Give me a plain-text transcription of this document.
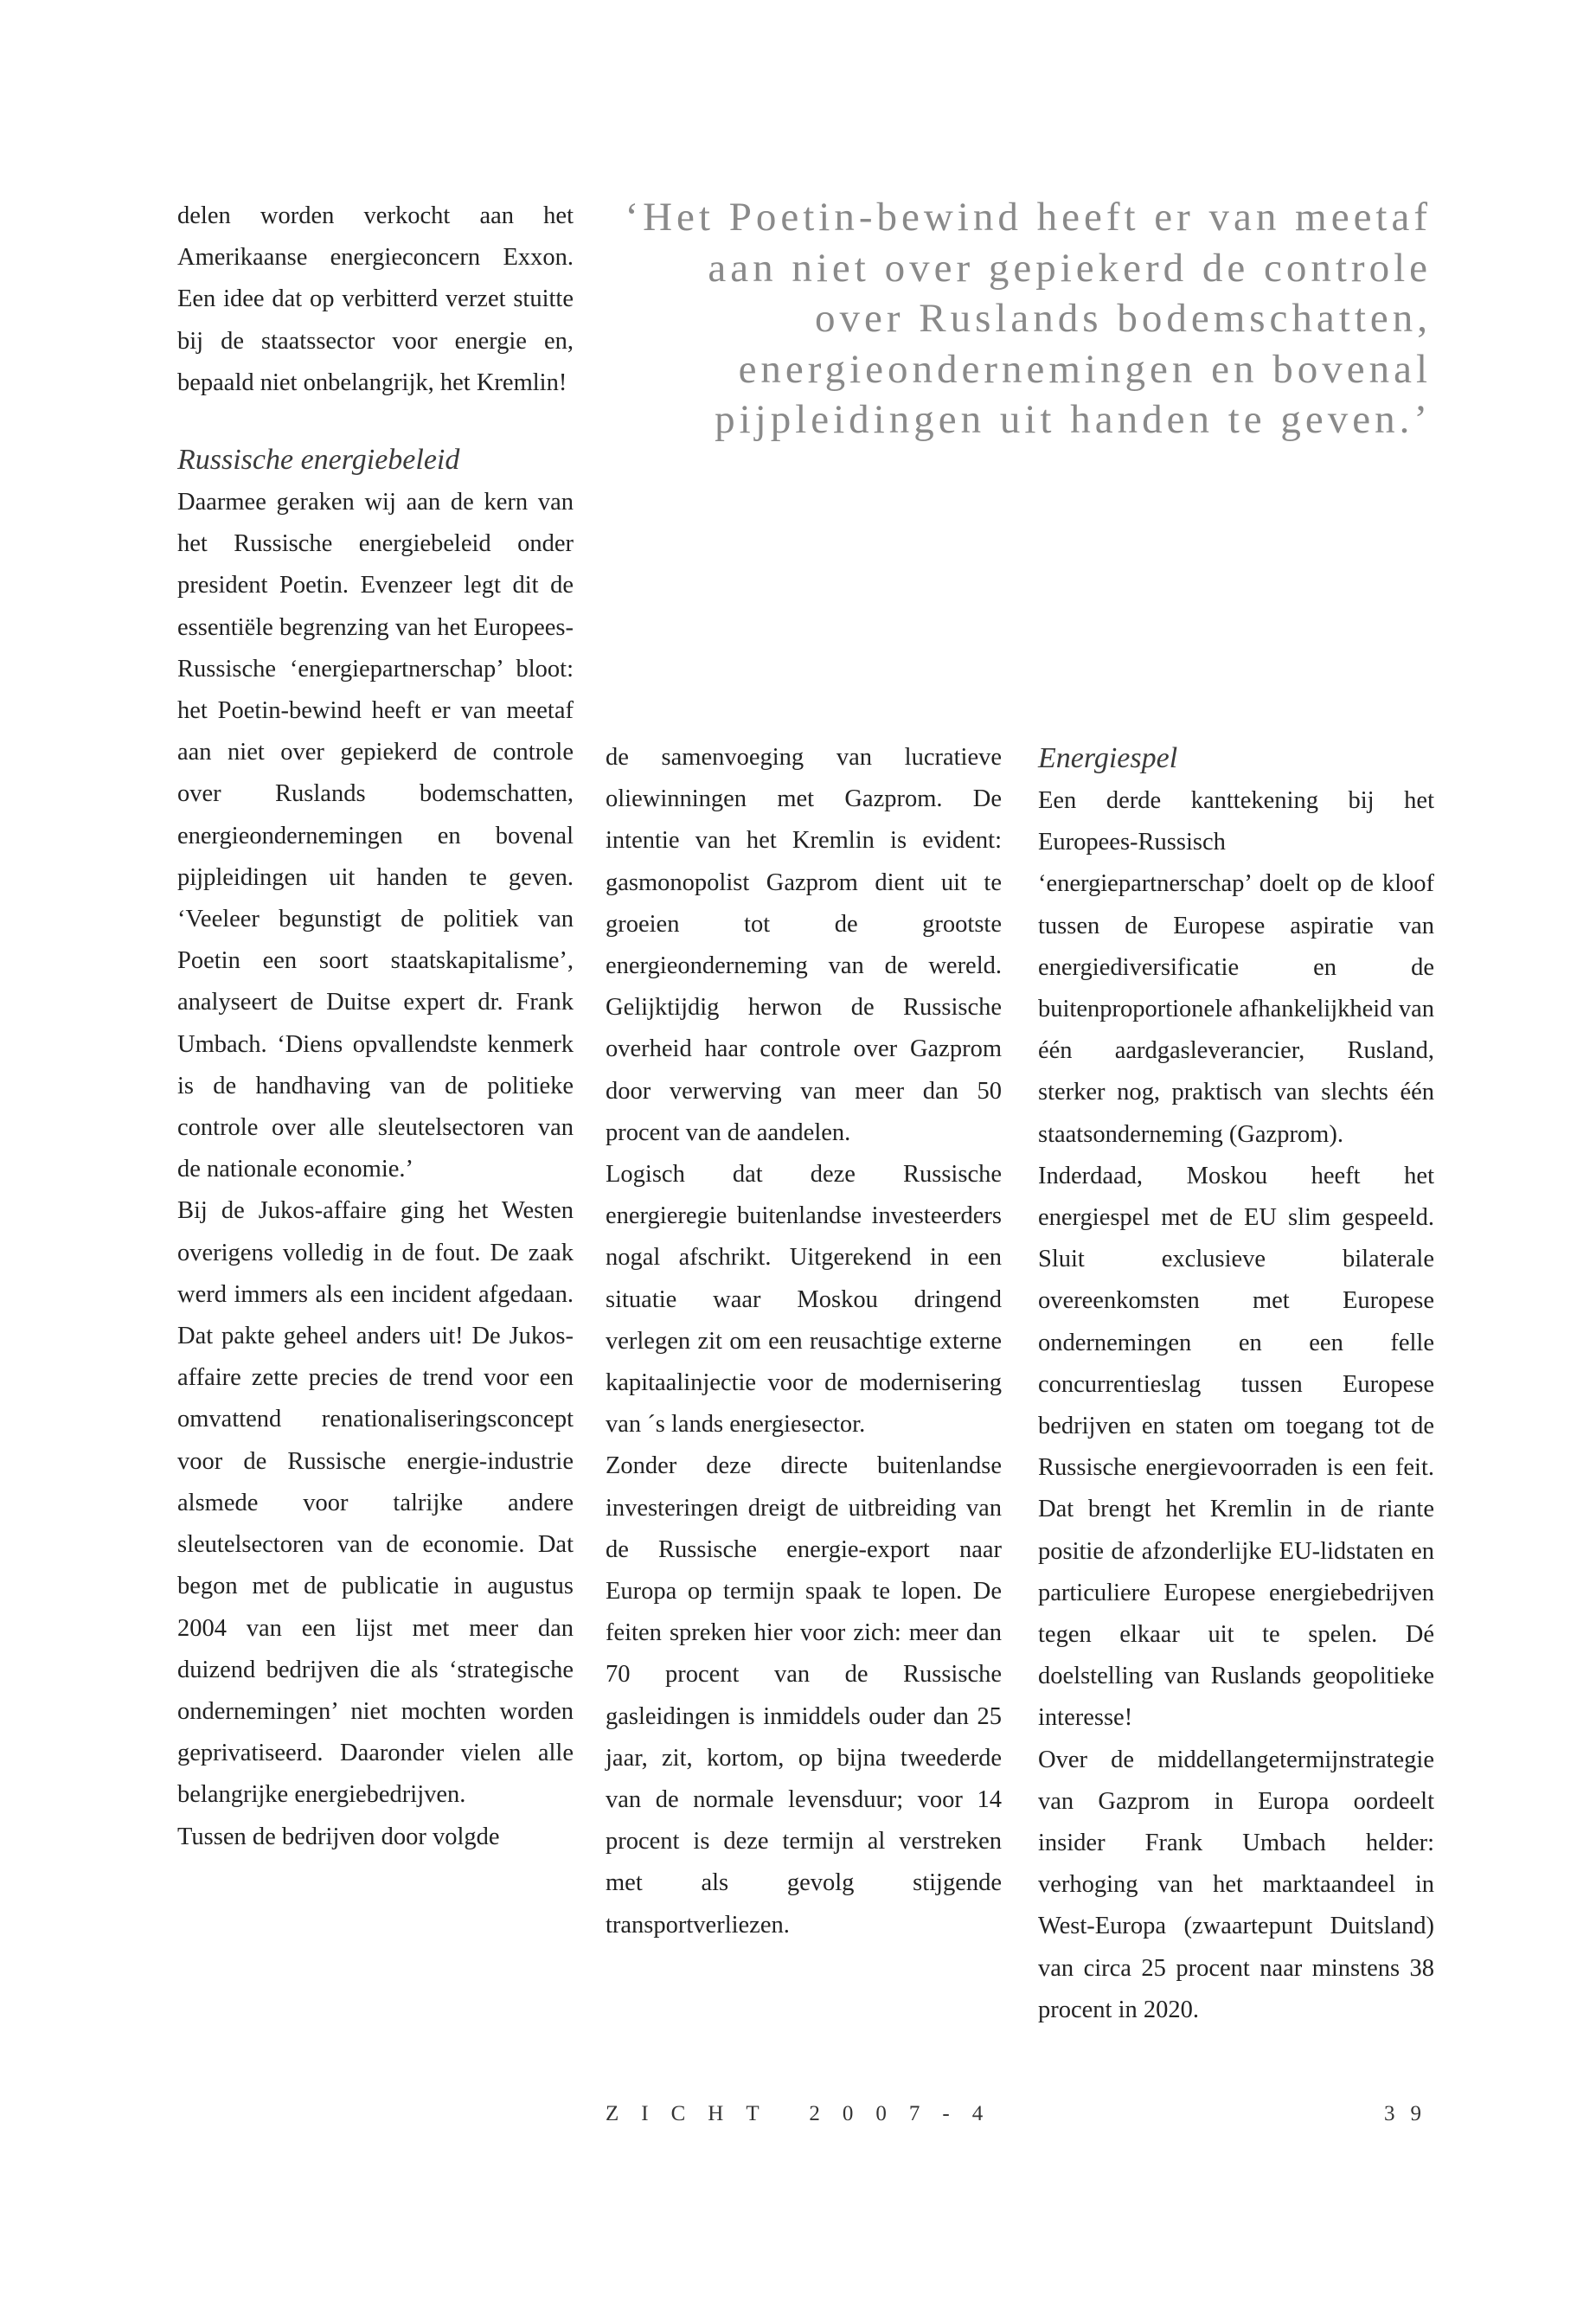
delen worden verkocht aan het Amerikaanse energieconcern Exxon. Een idee dat op verbitterd verzet stuitte bij de staatssector voor energie en, bepaald niet onbelangrijk, het Kremlin!

Russische energiebeleid

Daarmee geraken wij aan de kern van het Russische energiebeleid onder president Poetin. Evenzeer legt dit de essentiële begrenzing van het Europees-Russische ‘energiepartnerschap’ bloot: het Poetin-bewind heeft er van meetaf aan niet over gepiekerd de controle over Ruslands bodemschatten, energieondernemingen en bovenal pijpleidingen uit handen te geven. ‘Veeleer begunstigt de politiek van Poetin een soort staatskapitalisme’, analyseert de Duitse expert dr. Frank Umbach. ‘Diens opvallendste kenmerk is de handhaving van de politieke controle over alle sleutelsectoren van de nationale economie.’

Bij de Jukos-affaire ging het Westen overigens volledig in de fout. De zaak werd immers als een incident afgedaan. Dat pakte geheel anders uit! De Jukos-affaire zette precies de trend voor een omvattend renationaliseringsconcept voor de Russische energie-industrie alsmede voor talrijke andere sleutelsectoren van de economie. Dat begon met de publicatie in augustus 2004 van een lijst met meer dan duizend bedrijven die als ‘strategische ondernemingen’ niet mochten worden geprivatiseerd. Daaronder vielen alle belangrijke energiebedrijven.

Tussen de bedrijven door volgde

‘Het Poetin-bewind heeft er van meetaf aan niet over gepiekerd de controle over Ruslands bodemschatten, energieondernemingen en bovenal pijpleidingen uit handen te geven.’

de samenvoeging van lucratieve oliewinningen met Gazprom. De intentie van het Kremlin is evident: gasmonopolist Gazprom dient uit te groeien tot de grootste energieonderneming van de wereld. Gelijktijdig herwon de Russische overheid haar controle over Gazprom door verwerving van meer dan 50 procent van de aandelen.

Logisch dat deze Russische energieregie buitenlandse investeerders nogal afschrikt. Uitgerekend in een situatie waar Moskou dringend verlegen zit om een reusachtige externe kapitaalinjectie voor de modernisering van ´s lands energiesector.

Zonder deze directe buitenlandse investeringen dreigt de uitbreiding van de Russische energie-export naar Europa op termijn spaak te lopen. De feiten spreken hier voor zich: meer dan 70 procent van de Russische gasleidingen is inmiddels ouder dan 25 jaar, zit, kortom, op bijna tweederde van de normale levensduur; voor 14 procent is deze termijn al verstreken met als gevolg stijgende transportverliezen.

Energiespel

Een derde kanttekening bij het Europees-Russisch ‘energiepartnerschap’ doelt op de kloof tussen de Europese aspiratie van energiediversificatie en de buitenproportionele afhankelijkheid van één aardgasleverancier, Rusland, sterker nog, praktisch van slechts één staatsonderneming (Gazprom).

Inderdaad, Moskou heeft het energiespel met de EU slim gespeeld. Sluit exclusieve bilaterale overeenkomsten met Europese ondernemingen en een felle concurrentieslag tussen Europese bedrijven en staten om toegang tot de Russische energievoorraden is een feit. Dat brengt het Kremlin in de riante positie de afzonderlijke EU-lidstaten en particuliere Europese energiebedrijven tegen elkaar uit te spelen. Dé doelstelling van Ruslands geopolitieke interesse!

Over de middellangetermijnstrategie van Gazprom in Europa oordeelt insider Frank Umbach helder: verhoging van het marktaandeel in West-Europa (zwaartepunt Duitsland) van circa 25 procent naar minstens 38 procent in 2020.

ZICHT 2007-4	39
